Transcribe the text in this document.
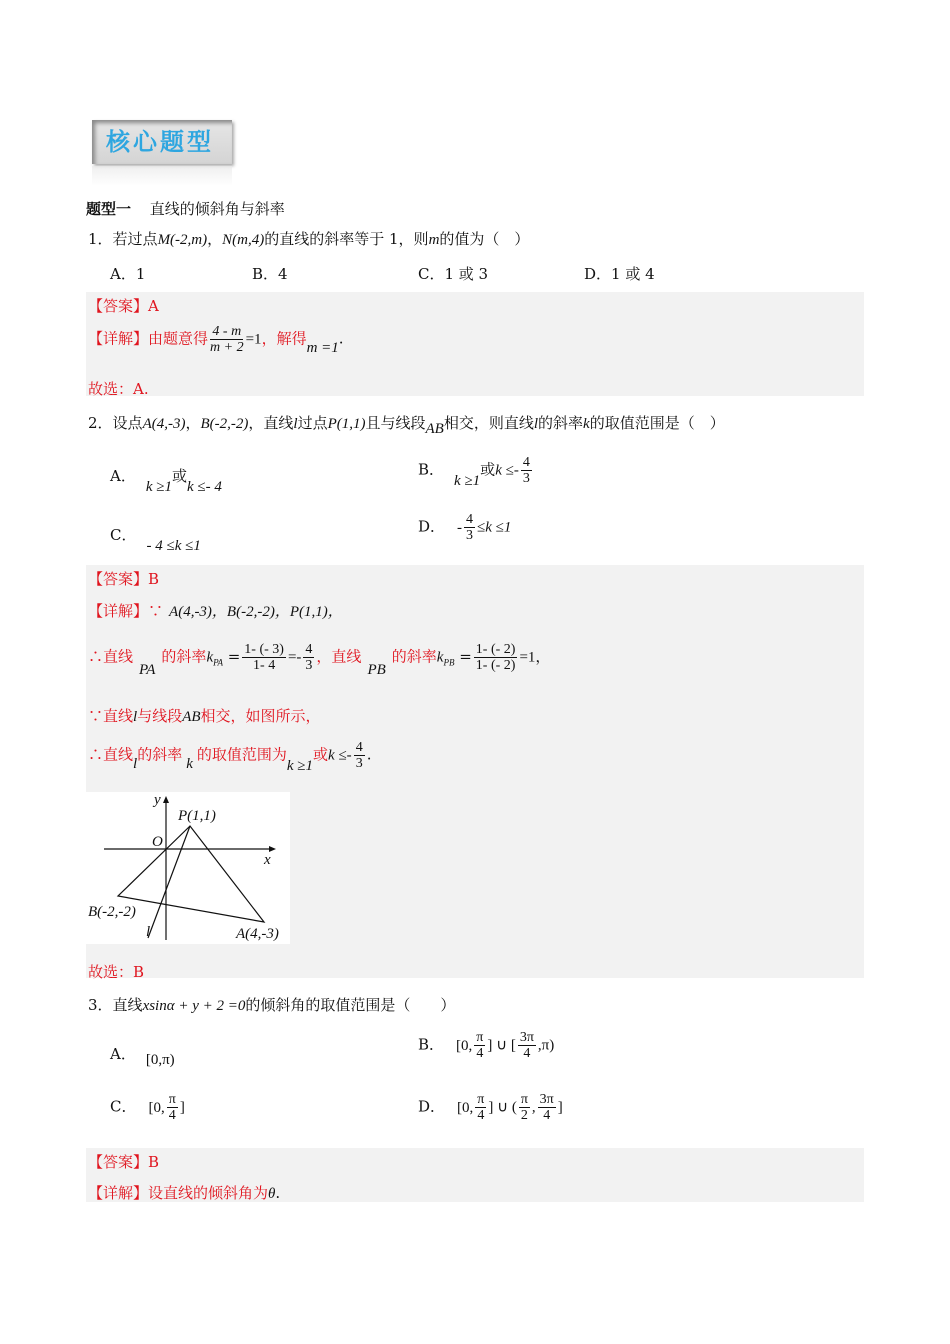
核心题型
题型一 直线的倾斜角与斜率
1．若过点M(-2,m)，N(m,4)的直线的斜率等于 1，则m的值为（　）
A．1	B．4	C．1 或 3	D．1 或 4
【答案】A
【详解】由题意得 $\frac{4 - m}{m + 2} =1$，解得m =1.
故选：A.
2．设点A(4,-3)，B(-2,-2)，直线l过点P(1,1)且与线段AB相交，则直线l的斜率k的取值范围是（　）
A．k ≥1或k ≤- 4
B．k ≥1或$k \le- \frac{4}{3}$
C．- 4 ≤k ≤1
D． - $\frac{4}{3} \le k \le 1$
【答案】B
【详解】∵ A(4,-3)，B(-2,-2)，P(1,1)，
∴直线PA的斜率$k_{PA} = \frac{1- (- 3)}{1- 4} =- \frac{4}{3}$ ，直线PB的斜率$k_{PB} = \frac{1- (- 2)}{1- (- 2)} =1$，
∵直线l与线段AB相交，如图所示，
∴直线l的斜率 k 的取值范围为k ≥1或$k \le- \frac{4}{3}$ .
y
x
O
P(1,1)
B(-2,-2)
A(4,-3)
l
故选：B
3．直线xsinα + y + 2 =0的倾斜角的取值范围是（　　）
A． [0,π)
B． [0, $\frac{\pi}{4}$ ] ∪ [ $\frac{3\pi}{4} ,\pi$)
C． [0, $\frac{\pi}{4}$ ]	D． [0, $\frac{\pi}{4}$ ] ∪ ( $\frac{\pi}{2}$ , $\frac{3\pi}{4}$ ]
【答案】B
【详解】设直线的倾斜角为θ.
